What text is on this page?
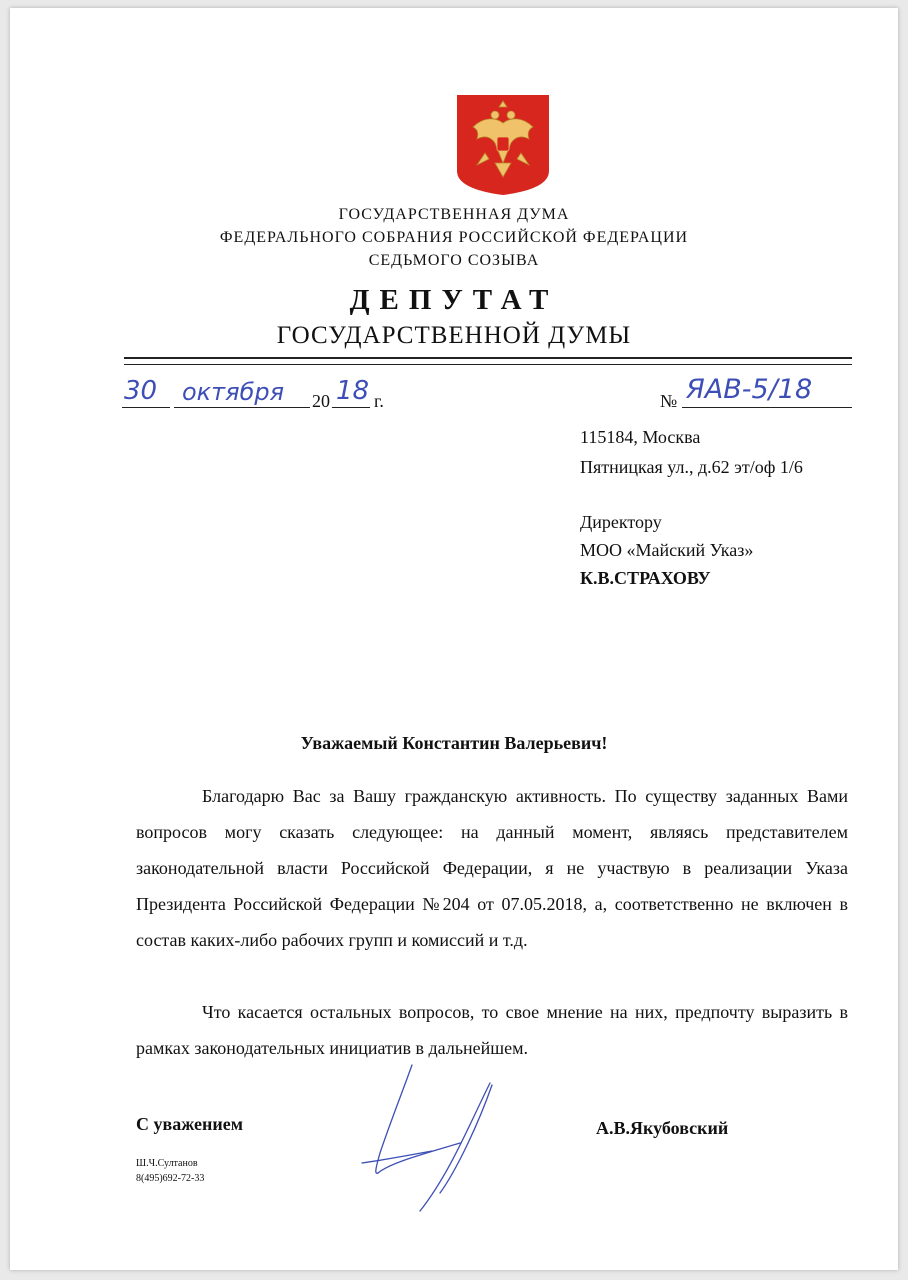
ГОСУДАРСТВЕННАЯ ДУМА
ФЕДЕРАЛЬНОГО СОБРАНИЯ РОССИЙСКОЙ ФЕДЕРАЦИИ
СЕДЬМОГО СОЗЫВА
ДЕПУТАТ
ГОСУДАРСТВЕННОЙ ДУМЫ
30 октября 20 18 г.	№ ЯАВ-5/18
115184, Москва
Пятницкая ул., д.62 эт/оф 1/6
Директору
МОО «Майский Указ»
К.В.СТРАХОВУ
Уважаемый Константин Валерьевич!

Благодарю Вас за Вашу гражданскую активность. По существу заданных Вами вопросов могу сказать следующее: на данный момент, являясь представителем законодательной власти Российской Федерации, я не участвую в реализации Указа Президента Российской Федерации №204 от 07.05.2018, а, соответственно не включен в состав каких-либо рабочих групп и комиссий и т.д.

Что касается остальных вопросов, то свое мнение на них, предпочту выразить в рамках законодательных инициатив в дальнейшем.

С уважением	А.В.Якубовский
Ш.Ч.Султанов
8(495)692-72-33
